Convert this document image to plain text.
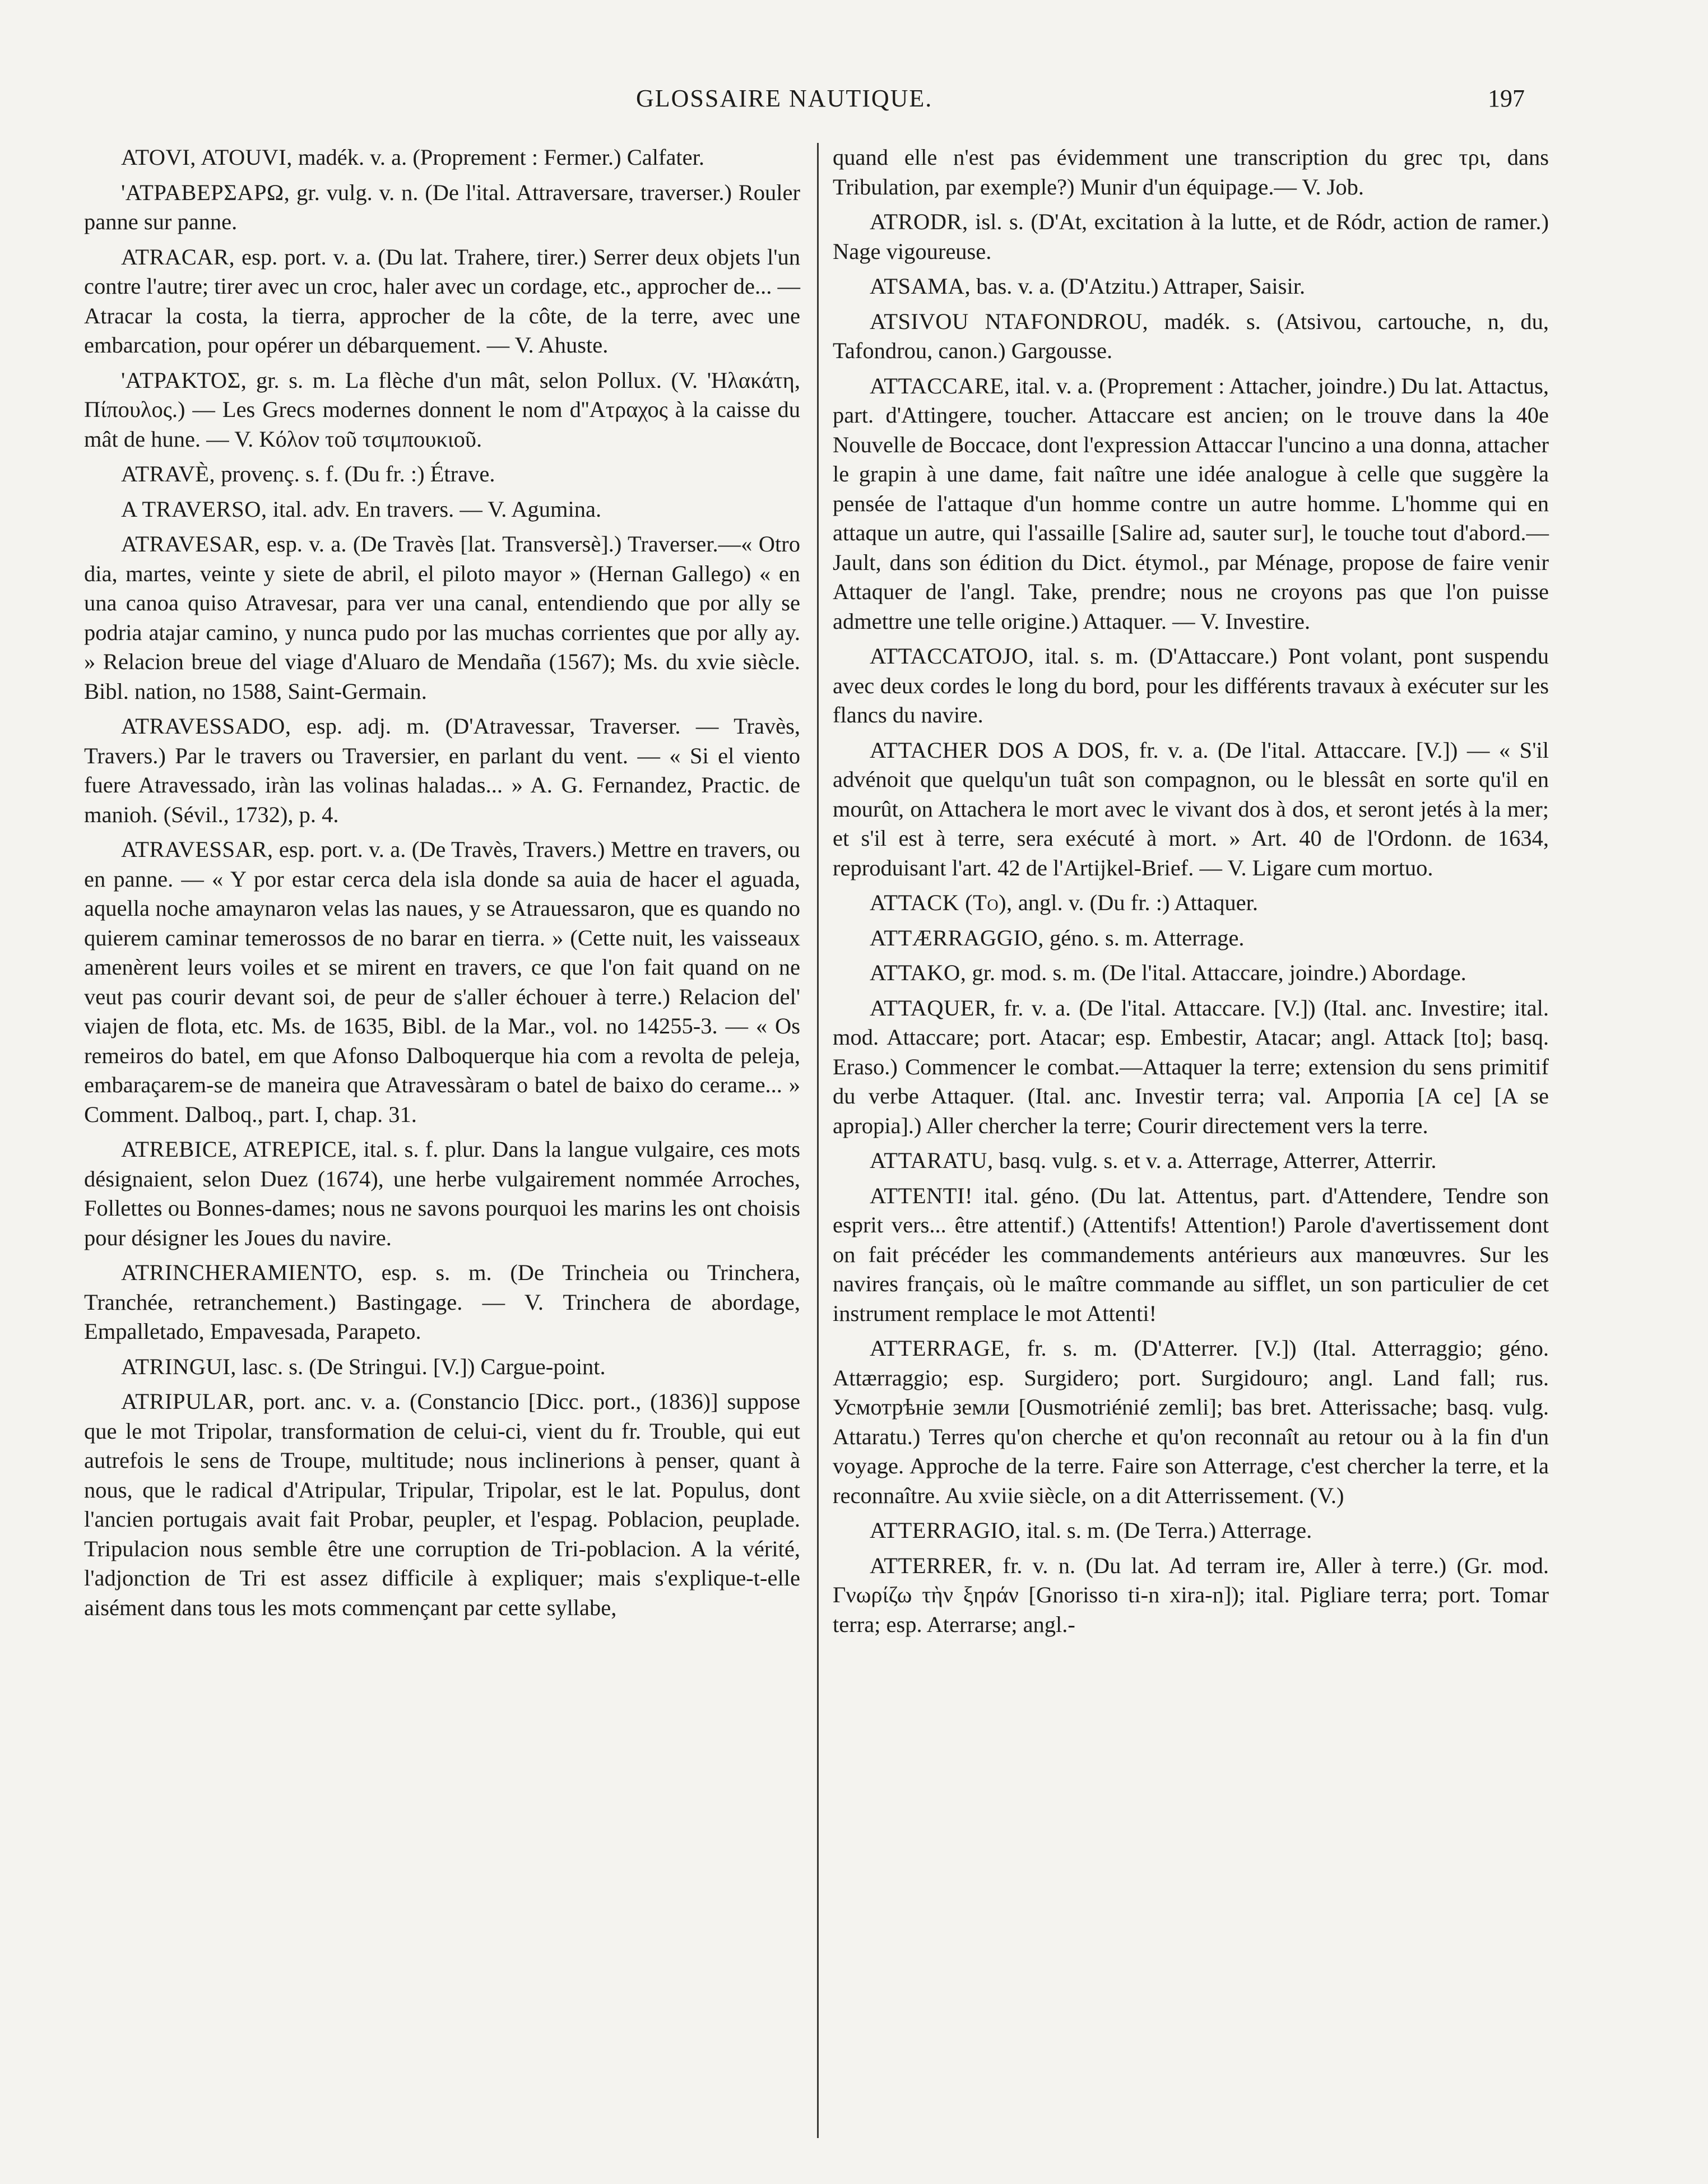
GLOSSAIRE NAUTIQUE.	197

ATOVI, ATOUVI, madék. v. a. (Proprement : Fermer.) Calfater.

'ΑΤΡΑΒΕΡΣΑΡΩ, gr. vulg. v. n. (De l'ital. Attraversare, traverser.) Rouler panne sur panne.

ATRACAR, esp. port. v. a. (Du lat. Trahere, tirer.) Serrer deux objets l'un contre l'autre; tirer avec un croc, haler avec un cordage, etc., approcher de... — Atracar la costa, la tierra, approcher de la côte, de la terre, avec une embarcation, pour opérer un débarquement. — V. Ahuste.

'ΑΤΡΑΚΤΟΣ, gr. s. m. La flèche d'un mât, selon Pollux. (V. 'Ηλακάτη, Πίπουλος.) — Les Grecs modernes donnent le nom d''Ατραχος à la caisse du mât de hune. — V. Κόλον τοῦ τσιμπουκιοῦ.

ATRAVÈ, provenç. s. f. (Du fr. :) Étrave.

A TRAVERSO, ital. adv. En travers. — V. Agumina.

ATRAVESAR, esp. v. a. (De Travès [lat. Transversè].) Traverser.—« Otro dia, martes, veinte y siete de abril, el piloto mayor » (Hernan Gallego) « en una canoa quiso Atravesar, para ver una canal, entendiendo que por ally se podria atajar camino, y nunca pudo por las muchas corrientes que por ally ay. » Relacion breue del viage d'Aluaro de Mendaña (1567); Ms. du xvie siècle. Bibl. nation, no 1588, Saint-Germain.

ATRAVESSADO, esp. adj. m. (D'Atravessar, Traverser. — Travès, Travers.) Par le travers ou Traversier, en parlant du vent. — « Si el viento fuere Atravessado, iràn las volinas haladas... » A. G. Fernandez, Practic. de manioh. (Sévil., 1732), p. 4.

ATRAVESSAR, esp. port. v. a. (De Travès, Travers.) Mettre en travers, ou en panne. — « Y por estar cerca dela isla donde sa auia de hacer el aguada, aquella noche amaynaron velas las naues, y se Atrauessaron, que es quando no quierem caminar temerossos de no barar en tierra. » (Cette nuit, les vaisseaux amenèrent leurs voiles et se mirent en travers, ce que l'on fait quand on ne veut pas courir devant soi, de peur de s'aller échouer à terre.) Relacion del' viajen de flota, etc. Ms. de 1635, Bibl. de la Mar., vol. no 14255-3. — « Os remeiros do batel, em que Afonso Dalboquerque hia com a revolta de peleja, embaraçarem-se de maneira que Atravessàram o batel de baixo do cerame... » Comment. Dalboq., part. I, chap. 31.

ATREBICE, ATREPICE, ital. s. f. plur. Dans la langue vulgaire, ces mots désignaient, selon Duez (1674), une herbe vulgairement nommée Arroches, Follettes ou Bonnes-dames; nous ne savons pourquoi les marins les ont choisis pour désigner les Joues du navire.

ATRINCHERAMIENTO, esp. s. m. (De Trincheia ou Trinchera, Tranchée, retranchement.) Bastingage. — V. Trinchera de abordage, Empalletado, Empavesada, Parapeto.

ATRINGUI, lasc. s. (De Stringui. [V.]) Cargue-point.

ATRIPULAR, port. anc. v. a. (Constancio [Dicc. port., (1836)] suppose que le mot Tripolar, transformation de celui-ci, vient du fr. Trouble, qui eut autrefois le sens de Troupe, multitude; nous inclinerions à penser, quant à nous, que le radical d'Atripular, Tripular, Tripolar, est le lat. Populus, dont l'ancien portugais avait fait Probar, peupler, et l'espag. Poblacion, peuplade. Tripulacion nous semble être une corruption de Tri-poblacion. A la vérité, l'adjonction de Tri est assez difficile à expliquer; mais s'explique-t-elle aisément dans tous les mots commençant par cette syllabe,

quand elle n'est pas évidemment une transcription du grec τρι, dans Tribulation, par exemple?) Munir d'un équipage.— V. Job.

ATRODR, isl. s. (D'At, excitation à la lutte, et de Ródr, action de ramer.) Nage vigoureuse.

ATSAMA, bas. v. a. (D'Atzitu.) Attraper, Saisir.

ATSIVOU NTAFONDROU, madék. s. (Atsivou, cartouche, n, du, Tafondrou, canon.) Gargousse.

ATTACCARE, ital. v. a. (Proprement : Attacher, joindre.) Du lat. Attactus, part. d'Attingere, toucher. Attaccare est ancien; on le trouve dans la 40e Nouvelle de Boccace, dont l'expression Attaccar l'uncino a una donna, attacher le grapin à une dame, fait naître une idée analogue à celle que suggère la pensée de l'attaque d'un homme contre un autre homme. L'homme qui en attaque un autre, qui l'assaille [Salire ad, sauter sur], le touche tout d'abord.—Jault, dans son édition du Dict. étymol., par Ménage, propose de faire venir Attaquer de l'angl. Take, prendre; nous ne croyons pas que l'on puisse admettre une telle origine.) Attaquer. — V. Investire.

ATTACCATOJO, ital. s. m. (D'Attaccare.) Pont volant, pont suspendu avec deux cordes le long du bord, pour les différents travaux à exécuter sur les flancs du navire.

ATTACHER DOS A DOS, fr. v. a. (De l'ital. Attaccare. [V.]) — « S'il advénoit que quelqu'un tuât son compagnon, ou le blessât en sorte qu'il en mourût, on Attachera le mort avec le vivant dos à dos, et seront jetés à la mer; et s'il est à terre, sera exécuté à mort. » Art. 40 de l'Ordonn. de 1634, reproduisant l'art. 42 de l'Artijkel-Brief. — V. Ligare cum mortuo.

ATTACK (To), angl. v. (Du fr. :) Attaquer.

ATTÆRRAGGIO, géno. s. m. Atterrage.

ATTAKO, gr. mod. s. m. (De l'ital. Attaccare, joindre.) Abordage.

ATTAQUER, fr. v. a. (De l'ital. Attaccare. [V.]) (Ital. anc. Investire; ital. mod. Attaccare; port. Atacar; esp. Embestir, Atacar; angl. Attack [to]; basq. Eraso.) Commencer le combat.—Attaquer la terre; extension du sens primitif du verbe Attaquer. (Ital. anc. Investir terra; val. Апропiа [A ce] [A se apropia].) Aller chercher la terre; Courir directement vers la terre.

ATTARATU, basq. vulg. s. et v. a. Atterrage, Atterrer, Atterrir.

ATTENTI! ital. géno. (Du lat. Attentus, part. d'Attendere, Tendre son esprit vers... être attentif.) (Attentifs! Attention!) Parole d'avertissement dont on fait précéder les commandements antérieurs aux manœuvres. Sur les navires français, où le maître commande au sifflet, un son particulier de cet instrument remplace le mot Attenti!

ATTERRAGE, fr. s. m. (D'Atterrer. [V.]) (Ital. Atterraggio; géno. Attærraggio; esp. Surgidero; port. Surgidouro; angl. Land fall; rus. Усмотрѣніе земли [Ousmotriénié zemli]; bas bret. Atterissache; basq. vulg. Attaratu.) Terres qu'on cherche et qu'on reconnaît au retour ou à la fin d'un voyage. Approche de la terre. Faire son Atterrage, c'est chercher la terre, et la reconnaître. Au xviie siècle, on a dit Atterrissement. (V.)

ATTERRAGIO, ital. s. m. (De Terra.) Atterrage.

ATTERRER, fr. v. n. (Du lat. Ad terram ire, Aller à terre.) (Gr. mod. Γνωρίζω τὴν ξηράν [Gnorisso ti-n xira-n]); ital. Pigliare terra; port. Tomar terra; esp. Aterrarse; angl.-
